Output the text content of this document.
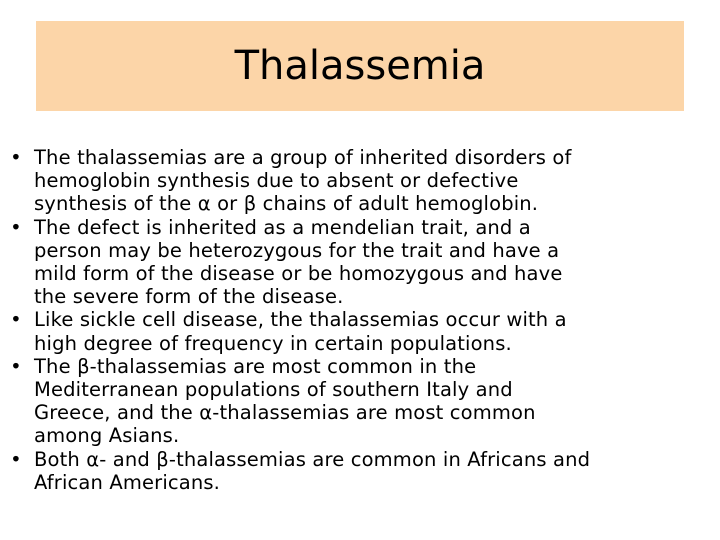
Thalassemia
• The thalassemias are a group of inherited disorders of
hemoglobin synthesis due to absent or defective
synthesis of the α or β chains of adult hemoglobin.
• The defect is inherited as a mendelian trait, and a
person may be heterozygous for the trait and have a
mild form of the disease or be homozygous and have
the severe form of the disease.
• Like sickle cell disease, the thalassemias occur with a
high degree of frequency in certain populations.
• The β-thalassemias are most common in the
Mediterranean populations of southern Italy and
Greece, and the α-thalassemias are most common
among Asians.
• Both α- and β-thalassemias are common in Africans and
African Americans.
